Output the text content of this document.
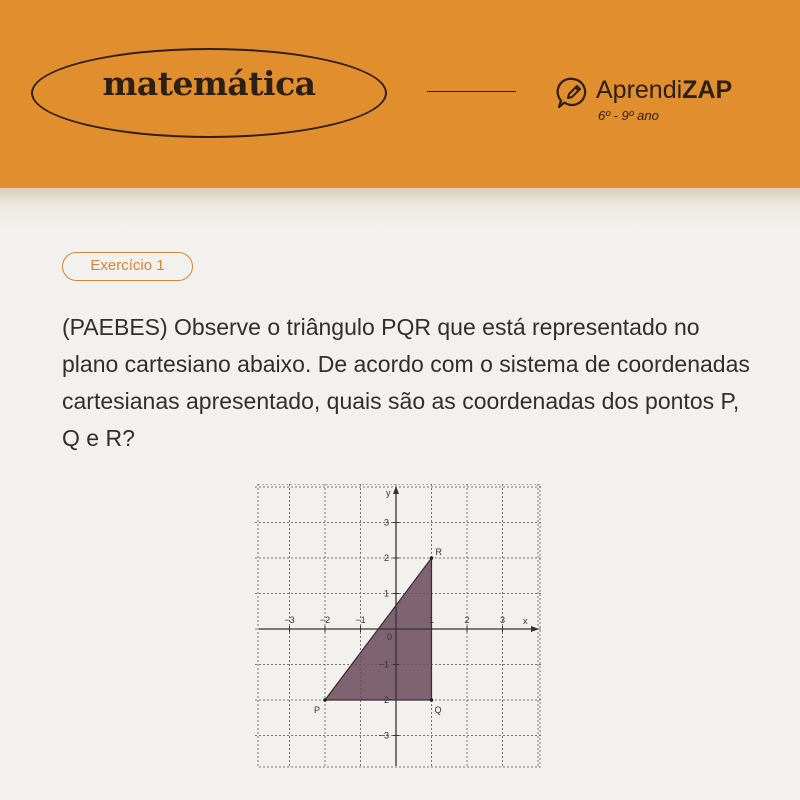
matemática	AprendiZAP
6º - 9º ano
Exercício 1
(PAEBES) Observe o triângulo PQR que está representado no plano cartesiano abaixo. De acordo com o sistema de coordenadas cartesianas apresentado, quais são as coordenadas dos pontos P, Q e R?
−3	−2	−1	1	2	3
3
2
1
−1
−2
−3
0
x
y
P	Q
R
